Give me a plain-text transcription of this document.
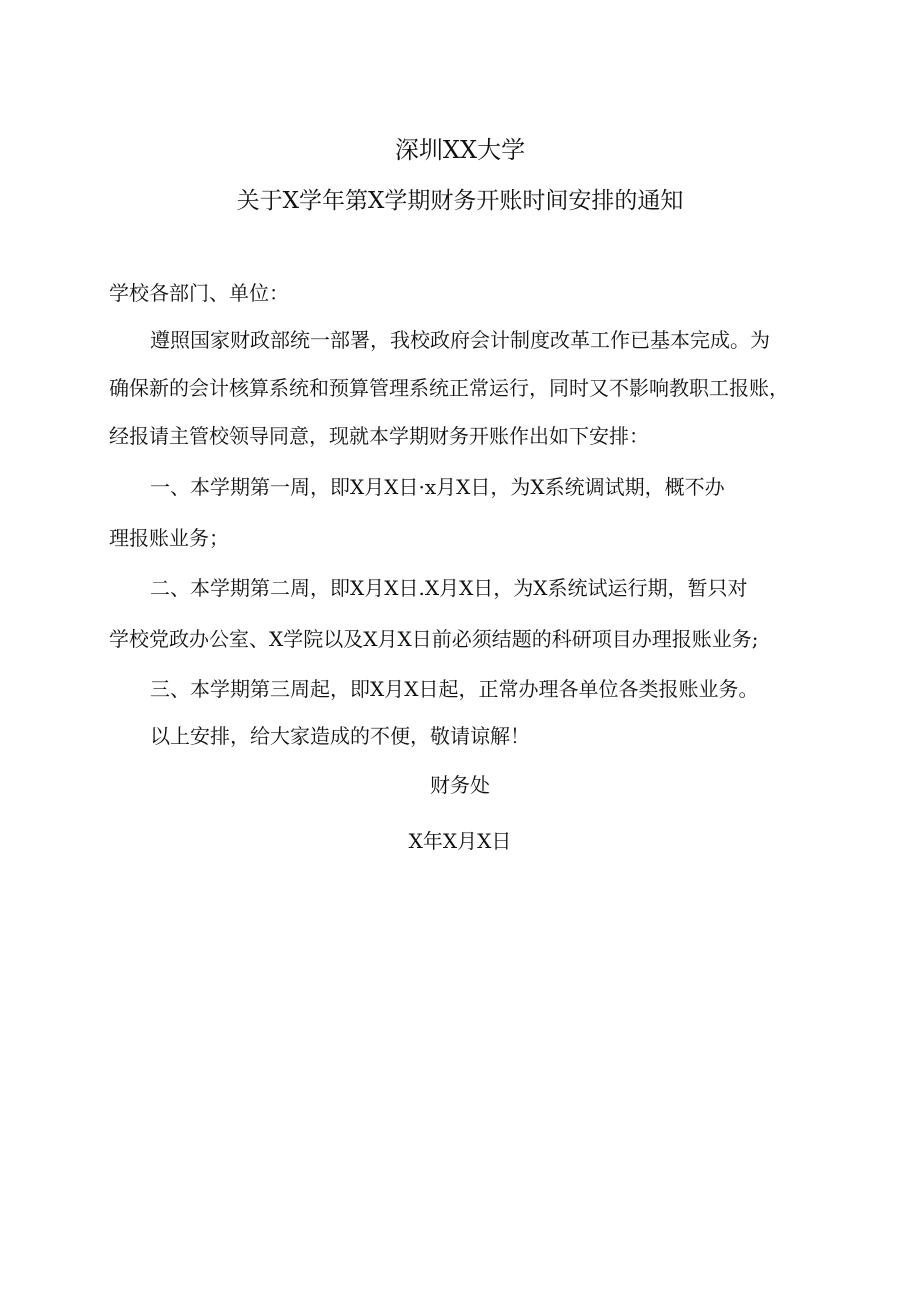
深圳XX大学
关于X学年第X学期财务开账时间安排的通知
学校各部门、单位：
遵照国家财政部统一部署，我校政府会计制度改革工作已基本完成。为
确保新的会计核算系统和预算管理系统正常运行，同时又不影响教职工报账，
经报请主管校领导同意，现就本学期财务开账作出如下安排：
一、本学期第一周，即X月X日·x月X日，为X系统调试期，概不办
理报账业务；
二、本学期第二周，即X月X日.X月X日，为X系统试运行期，暂只对
学校党政办公室、X学院以及X月X日前必须结题的科研项目办理报账业务;
三、本学期第三周起，即X月X日起，正常办理各单位各类报账业务。
以上安排，给大家造成的不便，敬请谅解！
财务处
X年X月X日
